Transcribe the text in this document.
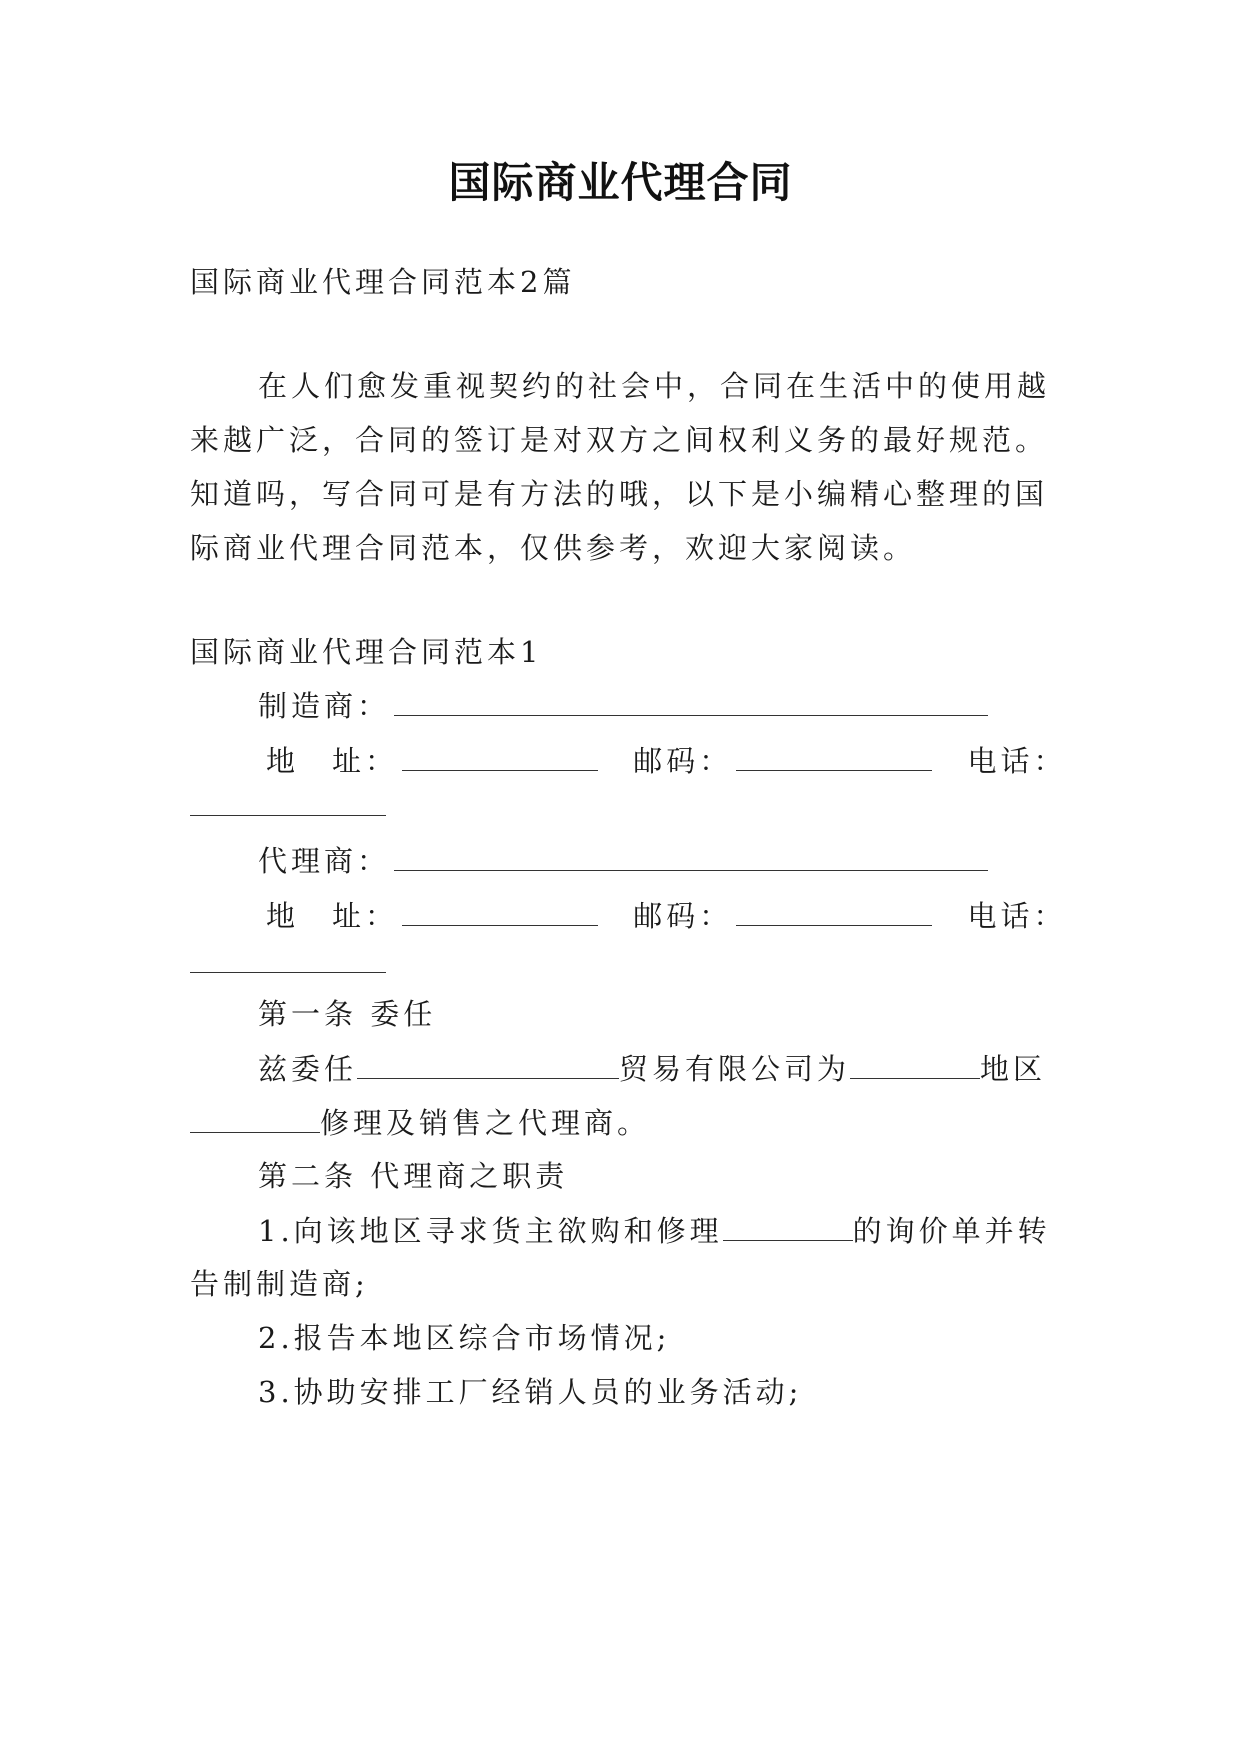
国际商业代理合同
国际商业代理合同范本2篇
在人们愈发重视契约的社会中，合同在生活中的使用越
来越广泛，合同的签订是对双方之间权利义务的最好规范。
知道吗，写合同可是有方法的哦，以下是小编精心整理的国
际商业代理合同范本，仅供参考，欢迎大家阅读。
国际商业代理合同范本1
制造商：
地　址：	邮码：	电话：
代理商：
地　址：	邮码：	电话：
第一条 委任
兹委任	贸易有限公司为	地区
修理及销售之代理商。
第二条 代理商之职责
1.向该地区寻求货主欲购和修理	的询价单并转
告制制造商;
2.报告本地区综合市场情况;
3.协助安排工厂经销人员的业务活动;
